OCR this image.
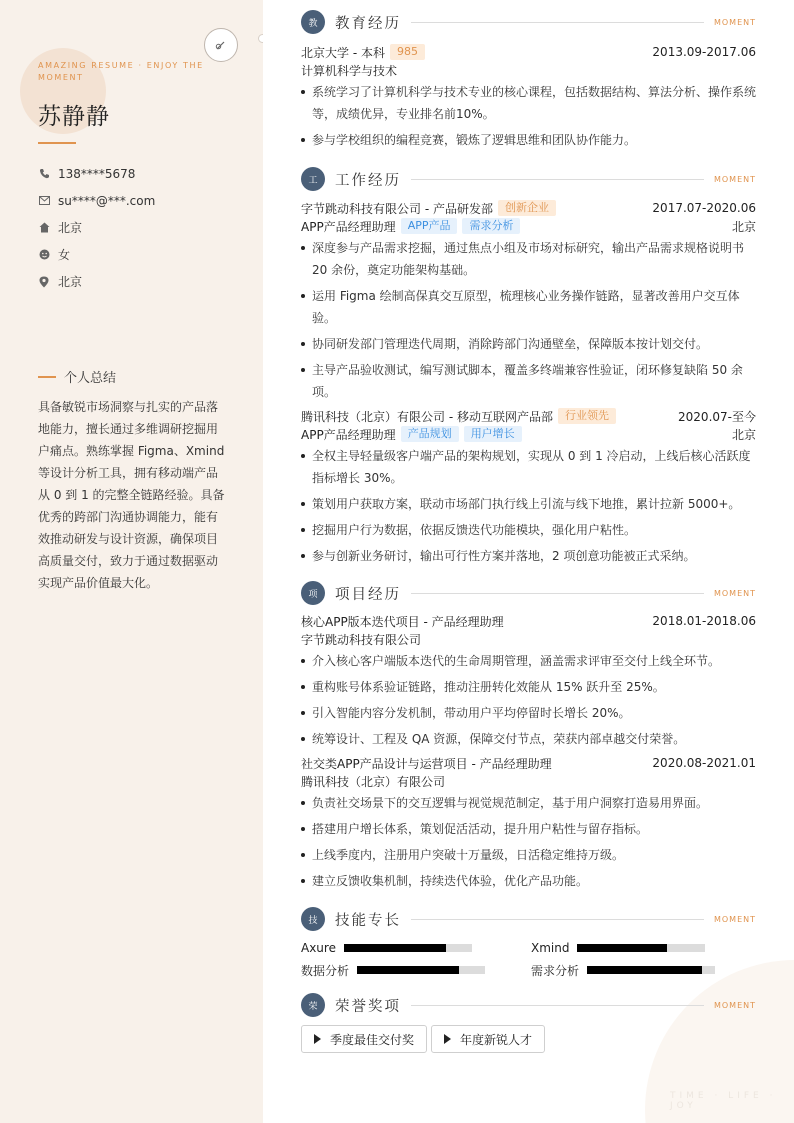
AMAZING RESUME · ENJOY THE MOMENT
苏静静
138****5678
su****@***.com
北京
女
北京
个人总结
具备敏锐市场洞察与扎实的产品落地能力，擅长通过多维调研挖掘用户痛点。熟练掌握 Figma、Xmind 等设计分析工具，拥有移动端产品从 0 到 1 的完整全链路经验。具备优秀的跨部门沟通协调能力，能有效推动研发与设计资源，确保项目高质量交付，致力于通过数据驱动实现产品价值最大化。
TIME · LIFE · JOY
教	教育经历	MOMENT
北京大学 - 本科	985	2013.09-2017.06
计算机科学与技术
系统学习了计算机科学与技术专业的核心课程，包括数据结构、算法分析、操作系统等，成绩优异，专业排名前10%。
参与学校组织的编程竞赛，锻炼了逻辑思维和团队协作能力。
工	工作经历	MOMENT
字节跳动科技有限公司 - 产品研发部	创新企业	2017.07-2020.06
APP产品经理助理	APP产品	需求分析	北京
深度参与产品需求挖掘，通过焦点小组及市场对标研究，输出产品需求规格说明书 20 余份，奠定功能架构基础。
运用 Figma 绘制高保真交互原型，梳理核心业务操作链路，显著改善用户交互体验。
协同研发部门管理迭代周期，消除跨部门沟通壁垒，保障版本按计划交付。
主导产品验收测试，编写测试脚本，覆盖多终端兼容性验证，闭环修复缺陷 50 余项。
腾讯科技（北京）有限公司 - 移动互联网产品部	行业领先	2020.07-至今
APP产品经理助理	产品规划	用户增长	北京
全权主导轻量级客户端产品的架构规划，实现从 0 到 1 冷启动，上线后核心活跃度指标增长 30%。
策划用户获取方案，联动市场部门执行线上引流与线下地推，累计拉新 5000+。
挖掘用户行为数据，依据反馈迭代功能模块，强化用户粘性。
参与创新业务研讨，输出可行性方案并落地，2 项创意功能被正式采纳。
项	项目经历	MOMENT
核心APP版本迭代项目 - 产品经理助理	2018.01-2018.06
字节跳动科技有限公司
介入核心客户端版本迭代的生命周期管理，涵盖需求评审至交付上线全环节。
重构账号体系验证链路，推动注册转化效能从 15% 跃升至 25%。
引入智能内容分发机制，带动用户平均停留时长增长 20%。
统筹设计、工程及 QA 资源，保障交付节点，荣获内部卓越交付荣誉。
社交类APP产品设计与运营项目 - 产品经理助理	2020.08-2021.01
腾讯科技（北京）有限公司
负责社交场景下的交互逻辑与视觉规范制定，基于用户洞察打造易用界面。
搭建用户增长体系，策划促活活动，提升用户粘性与留存指标。
上线季度内，注册用户突破十万量级，日活稳定维持万级。
建立反馈收集机制，持续迭代体验，优化产品功能。
技	技能专长	MOMENT
Axure	Xmind
数据分析	需求分析
荣	荣誉奖项	MOMENT
季度最佳交付奖	年度新锐人才
